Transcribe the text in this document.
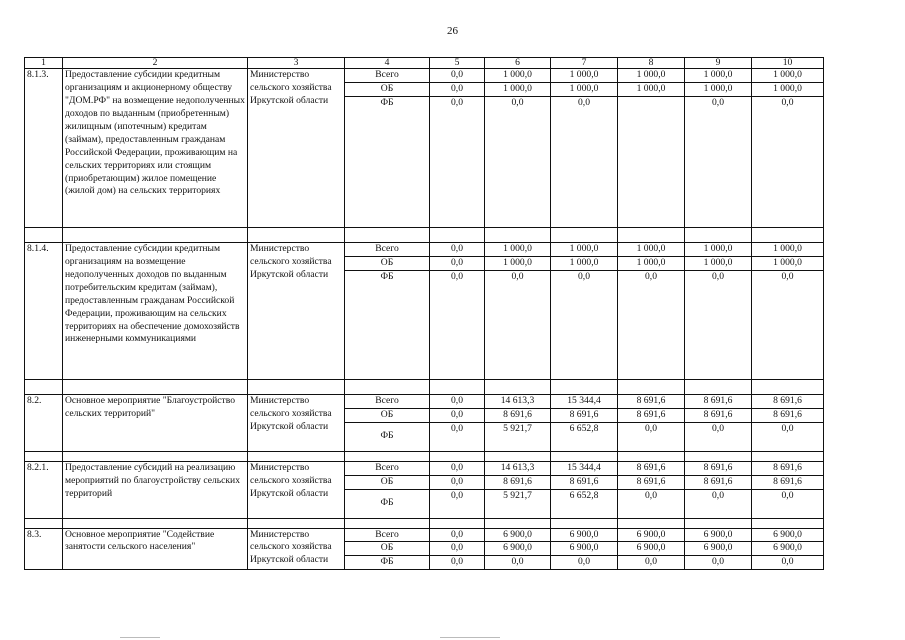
26
1	2	3	4	5	6	7	8	9	10
8.1.3.	Предоставление субсидии кредитным организациям и акционерному обществу "ДОМ.РФ" на возмещение недополученных доходов по выданным (приобретенным) жилищным (ипотечным) кредитам (займам), предоставленным гражданам Российской Федерации, проживающим на сельских территориях или стоящим (приобретающим) жилое помещение (жилой дом) на сельских территориях	Министерство сельского хозяйства Иркутской области	Всего	0,0	1 000,0	1 000,0	1 000,0	1 000,0	1 000,0
			ОБ	0,0	1 000,0	1 000,0	1 000,0	1 000,0	1 000,0
			ФБ	0,0	0,0	0,0		0,0	0,0

8.1.4.	Предоставление субсидии кредитным организациям на возмещение недополученных доходов по выданным потребительским кредитам (займам), предоставленным гражданам Российской Федерации, проживающим на сельских территориях на обеспечение домохозяйств инженерными коммуникациями	Министерство сельского хозяйства Иркутской области	Всего	0,0	1 000,0	1 000,0	1 000,0	1 000,0	1 000,0
			ОБ	0,0	1 000,0	1 000,0	1 000,0	1 000,0	1 000,0
			ФБ	0,0	0,0	0,0	0,0	0,0	0,0

8.2.	Основное мероприятие "Благоустройство сельских территорий"	Министерство сельского хозяйства Иркутской области	Всего	0,0	14 613,3	15 344,4	8 691,6	8 691,6	8 691,6
			ОБ	0,0	8 691,6	8 691,6	8 691,6	8 691,6	8 691,6
			ФБ	0,0	5 921,7	6 652,8	0,0	0,0	0,0

8.2.1.	Предоставление субсидий на реализацию мероприятий по благоустройству сельских территорий	Министерство сельского хозяйства Иркутской области	Всего	0,0	14 613,3	15 344,4	8 691,6	8 691,6	8 691,6
			ОБ	0,0	8 691,6	8 691,6	8 691,6	8 691,6	8 691,6
			ФБ	0,0	5 921,7	6 652,8	0,0	0,0	0,0

8.3.	Основное мероприятие "Содействие занятости сельского населения"	Министерство сельского хозяйства Иркутской области	Всего	0,0	6 900,0	6 900,0	6 900,0	6 900,0	6 900,0
			ОБ	0,0	6 900,0	6 900,0	6 900,0	6 900,0	6 900,0
			ФБ	0,0	0,0	0,0	0,0	0,0	0,0
